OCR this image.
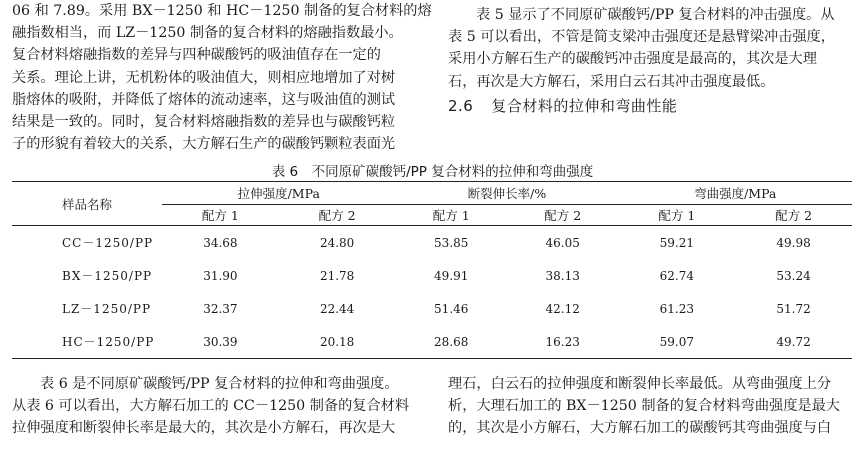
06 和 7.89。采用 BX－1250 和 HC－1250 制备的复合材料的熔

融指数相当，而 LZ－1250 制备的复合材料的熔融指数最小。

复合材料熔融指数的差异与四种碳酸钙的吸油值存在一定的

关系。理论上讲，无机粉体的吸油值大，则相应地增加了对树

脂熔体的吸附，并降低了熔体的流动速率，这与吸油值的测试

结果是一致的。同时，复合材料熔融指数的差异也与碳酸钙粒

子的形貌有着较大的关系，大方解石生产的碳酸钙颗粒表面光

表 5 显示了不同原矿碳酸钙/PP 复合材料的冲击强度。从

表 5 可以看出，不管是简支梁冲击强度还是悬臂梁冲击强度，

采用小方解石生产的碳酸钙冲击强度是最高的，其次是大理

石，再次是大方解石，采用白云石其冲击强度最低。

2.6 复合材料的拉伸和弯曲性能
表 6　不同原矿碳酸钙/PP 复合材料的拉伸和弯曲强度
样品名称	拉伸强度/MPa		断裂伸长率/%		弯曲强度/MPa	
	配方 1	配方 2	配方 1	配方 2	配方 1	配方 2
CC－1250/PP	34.68	24.80	53.85	46.05	59.21	49.98
BX－1250/PP	31.90	21.78	49.91	38.13	62.74	53.24
LZ－1250/PP	32.37	22.44	51.46	42.12	61.23	51.72
HC－1250/PP	30.39	20.18	28.68	16.23	59.07	49.72

表 6 是不同原矿碳酸钙/PP 复合材料的拉伸和弯曲强度。

从表 6 可以看出，大方解石加工的 CC－1250 制备的复合材料

拉伸强度和断裂伸长率是最大的，其次是小方解石，再次是大

理石，白云石的拉伸强度和断裂伸长率最低。从弯曲强度上分

析，大理石加工的 BX－1250 制备的复合材料弯曲强度是最大

的，其次是小方解石，大方解石加工的碳酸钙其弯曲强度与白
